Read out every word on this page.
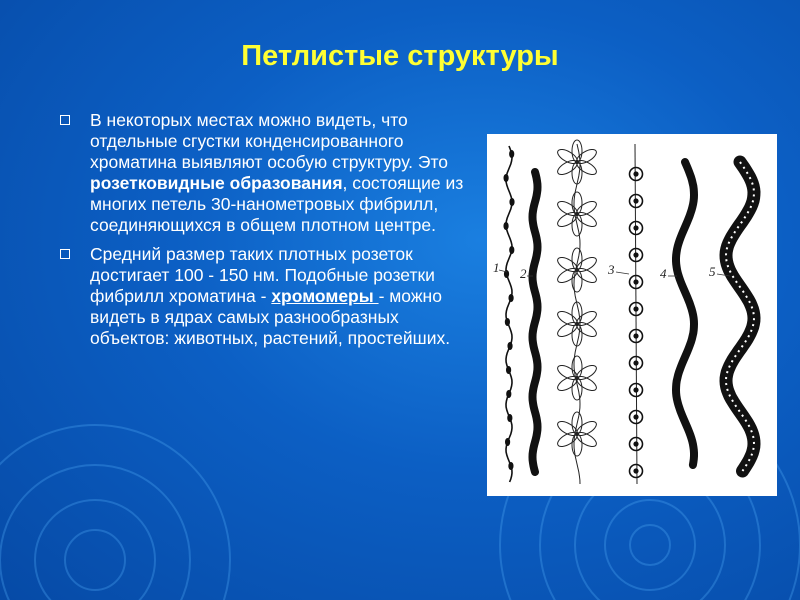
Петлистые структуры

В некоторых местах можно видеть, что отдельные сгустки конденсированного хроматина выявляют особую структуру. Это розетковидные образования, состоящие из многих петель 30-нанометровых фибрилл, соединяющихся в общем плотном центре.

Средний размер таких плотных розеток достигает 100 - 150 нм. Подобные розетки фибрилл хроматина - хромомеры - можно видеть в ядрах самых разнообразных объектов: животных, растений, простейших.

1 2	3	4	5
